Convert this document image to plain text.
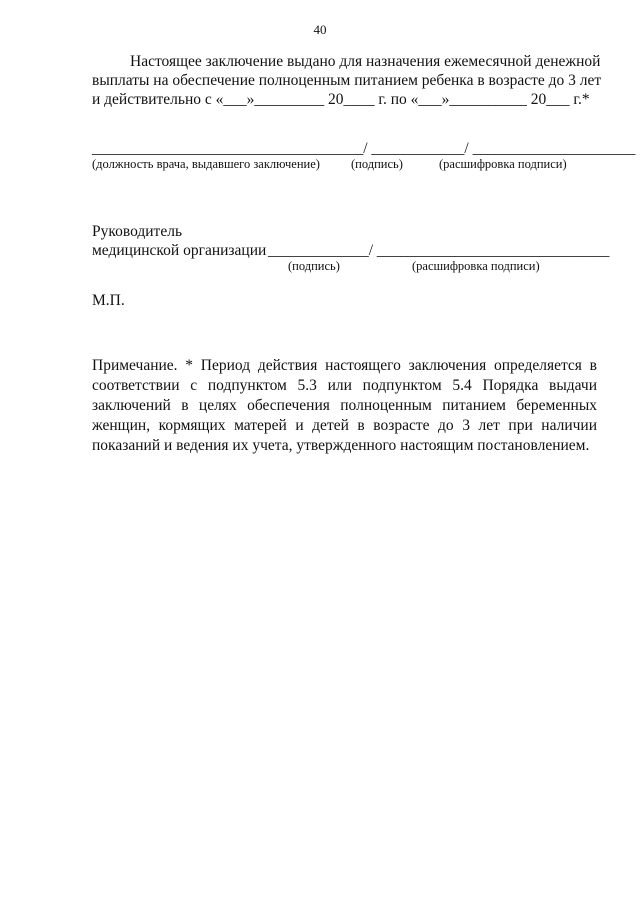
40
Настоящее заключение выдано для назначения ежемесячной денежной
выплаты на обеспечение полноценным питанием ребенка в возрасте до 3 лет
и действительно с «___»_________ 20____ г. по «___»__________ 20___ г.*
___________________________________/ ____________/ _____________________
(должность врача, выдавшего заключение) (подпись)	(расшифровка подписи)
Руководитель
медицинской организации _____________/ ______________________________
(подпись)	(расшифровка подписи)
М.П.
Примечание. * Период действия настоящего заключения определяется в
соответствии с подпунктом 5.3 или подпунктом 5.4 Порядка выдачи
заключений в целях обеспечения полноценным питанием беременных
женщин, кормящих матерей и детей в возрасте до 3 лет при наличии
показаний и ведения их учета, утвержденного настоящим постановлением.
